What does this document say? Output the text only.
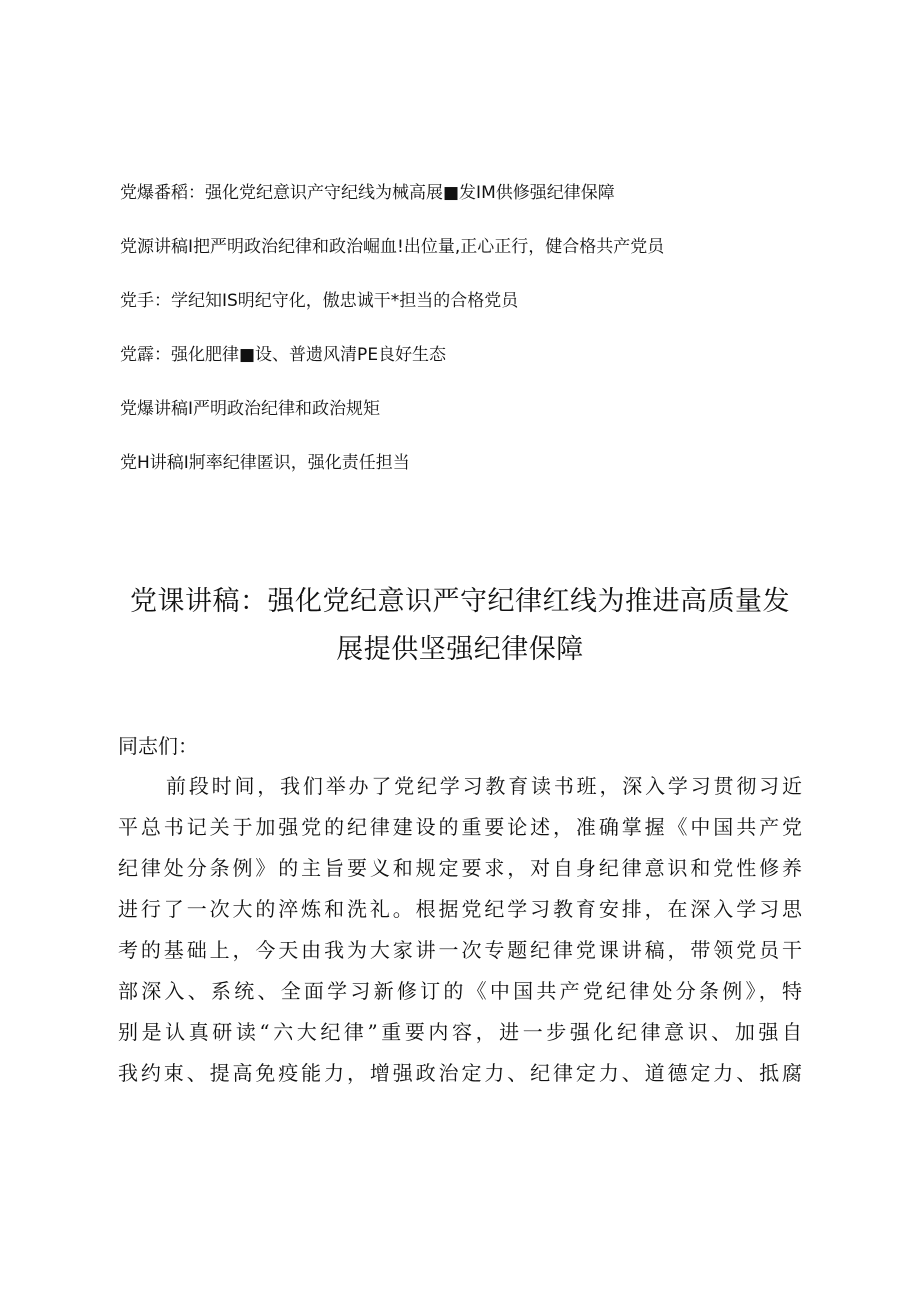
党爆番稻：强化党纪意识产守纪线为械高展■发IM供修强纪律保障
党源讲稿I把严明政治纪律和政治崛血!出位量,正心正行，健合格共产党员
党手：学纪知IS明纪守化，傲忠诚干*担当的合格党员
党霹：强化肥律■设、普遗风清PE良好生态
党爆讲稿I严明政治纪律和政治规矩
党H讲稿I牁率纪律匿识，强化责任担当
党课讲稿：强化党纪意识严守纪律红线为推进高质量发
展提供坚强纪律保障
同志们：
前段时间，我们举办了党纪学习教育读书班，深入学习贯彻习近
平总书记关于加强党的纪律建设的重要论述，准确掌握《中国共产党
纪律处分条例》的主旨要义和规定要求，对自身纪律意识和党性修养
进行了一次大的淬炼和洗礼。根据党纪学习教育安排，在深入学习思
考的基础上，今天由我为大家讲一次专题纪律党课讲稿，带领党员干
部深入、系统、全面学习新修订的《中国共产党纪律处分条例》，特
别是认真研读“六大纪律”重要内容，进一步强化纪律意识、加强自
我约束、提高免疫能力，增强政治定力、纪律定力、道德定力、抵腐
